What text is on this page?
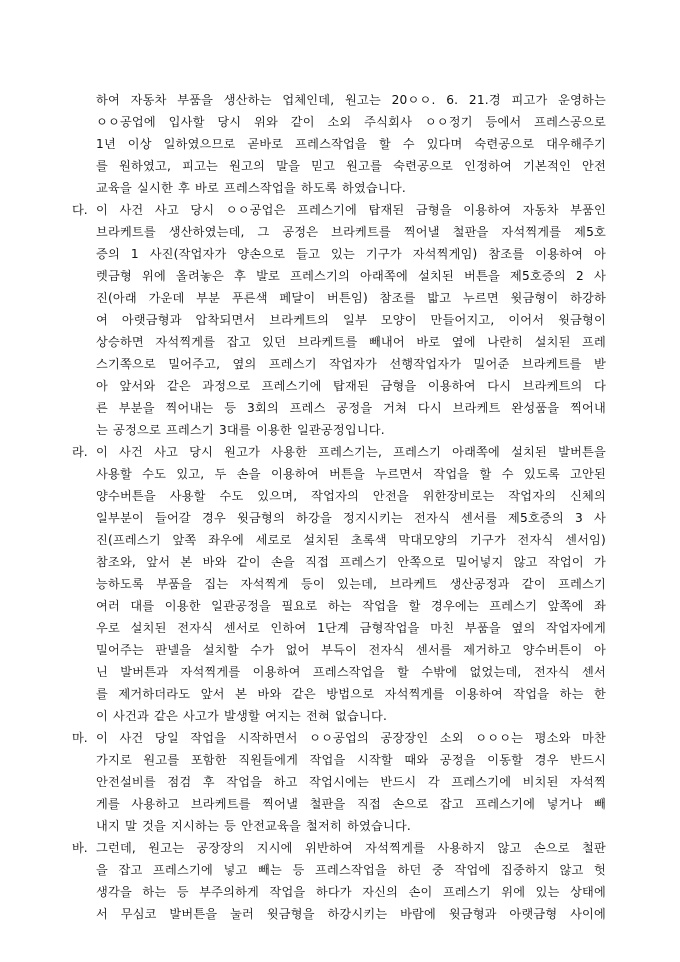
하여 자동차 부품을 생산하는 업체인데, 원고는 20ㅇㅇ. 6. 21.경 피고가 운영하는
ㅇㅇ공업에 입사할 당시 위와 같이 소외 주식회사 ㅇㅇ정기 등에서 프레스공으로
1년 이상 일하였으므로 곧바로 프레스작업을 할 수 있다며 숙련공으로 대우해주기
를 원하였고, 피고는 원고의 말을 믿고 원고를 숙련공으로 인정하여 기본적인 안전
교육을 실시한 후 바로 프레스작업을 하도록 하였습니다.
다. 이 사건 사고 당시 ㅇㅇ공업은 프레스기에 탑재된 금형을 이용하여 자동차 부품인
브라케트를 생산하였는데, 그 공정은 브라케트를 찍어낼 철판을 자석찍게를 제5호
증의 1 사진(작업자가 양손으로 들고 있는 기구가 자석찍게임) 참조를 이용하여 아
렛금형 위에 올려놓은 후 발로 프레스기의 아래쪽에 설치된 버튼을 제5호증의 2 사
진(아래 가운데 부분 푸른색 페달이 버튼임) 참조를 밟고 누르면 윗금형이 하강하
여 아랫금형과 압착되면서 브라케트의 일부 모양이 만들어지고, 이어서 윗금형이
상승하면 자석찍게를 잡고 있던 브라케트를 빼내어 바로 옆에 나란히 설치된 프레
스기쪽으로 밀어주고, 옆의 프레스기 작업자가 선행작업자가 밀어준 브라케트를 받
아 앞서와 같은 과정으로 프레스기에 탑재된 금형을 이용하여 다시 브라케트의 다
른 부분을 찍어내는 등 3회의 프레스 공정을 거쳐 다시 브라케트 완성품을 찍어내
는 공정으로 프레스기 3대를 이용한 일관공정입니다.
라. 이 사건 사고 당시 원고가 사용한 프레스기는, 프레스기 아래쪽에 설치된 발버튼을
사용할 수도 있고, 두 손을 이용하여 버튼을 누르면서 작업을 할 수 있도록 고안된
양수버튼을 사용할 수도 있으며, 작업자의 안전을 위한장비로는 작업자의 신체의
일부분이 들어갈 경우 윗금형의 하강을 정지시키는 전자식 센서를 제5호증의 3 사
진(프레스기 앞쪽 좌우에 세로로 설치된 초록색 막대모양의 기구가 전자식 센서임)
참조와, 앞서 본 바와 같이 손을 직접 프레스기 안쪽으로 밀어넣지 않고 작업이 가
능하도록 부품을 집는 자석찍게 등이 있는데, 브라케트 생산공정과 같이 프레스기
여러 대를 이용한 일관공정을 필요로 하는 작업을 할 경우에는 프레스기 앞쪽에 좌
우로 설치된 전자식 센서로 인하여 1단계 금형작업을 마친 부품을 옆의 작업자에게
밀어주는 판넬을 설치할 수가 없어 부득이 전자식 센서를 제거하고 양수버튼이 아
닌 발버튼과 자석찍게를 이용하여 프레스작업을 할 수밖에 없었는데, 전자식 센서
를 제거하더라도 앞서 본 바와 같은 방법으로 자석찍게를 이용하여 작업을 하는 한
이 사건과 같은 사고가 발생할 여지는 전혀 없습니다.
마. 이 사건 당일 작업을 시작하면서 ㅇㅇ공업의 공장장인 소외 ㅇㅇㅇ는 평소와 마찬
가지로 원고를 포함한 직원들에게 작업을 시작할 때와 공정을 이동할 경우 반드시
안전설비를 점검 후 작업을 하고 작업시에는 반드시 각 프레스기에 비치된 자석찍
게를 사용하고 브라케트를 찍어낼 철판을 직접 손으로 잡고 프레스기에 넣거나 빼
내지 말 것을 지시하는 등 안전교육을 철저히 하였습니다.
바. 그런데, 원고는 공장장의 지시에 위반하여 자석찍게를 사용하지 않고 손으로 철판
을 잡고 프레스기에 넣고 빼는 등 프레스작업을 하던 중 작업에 집중하지 않고 헛
생각을 하는 등 부주의하게 작업을 하다가 자신의 손이 프레스기 위에 있는 상태에
서 무심코 발버튼을 눌러 윗금형을 하강시키는 바람에 윗금형과 아랫금형 사이에
